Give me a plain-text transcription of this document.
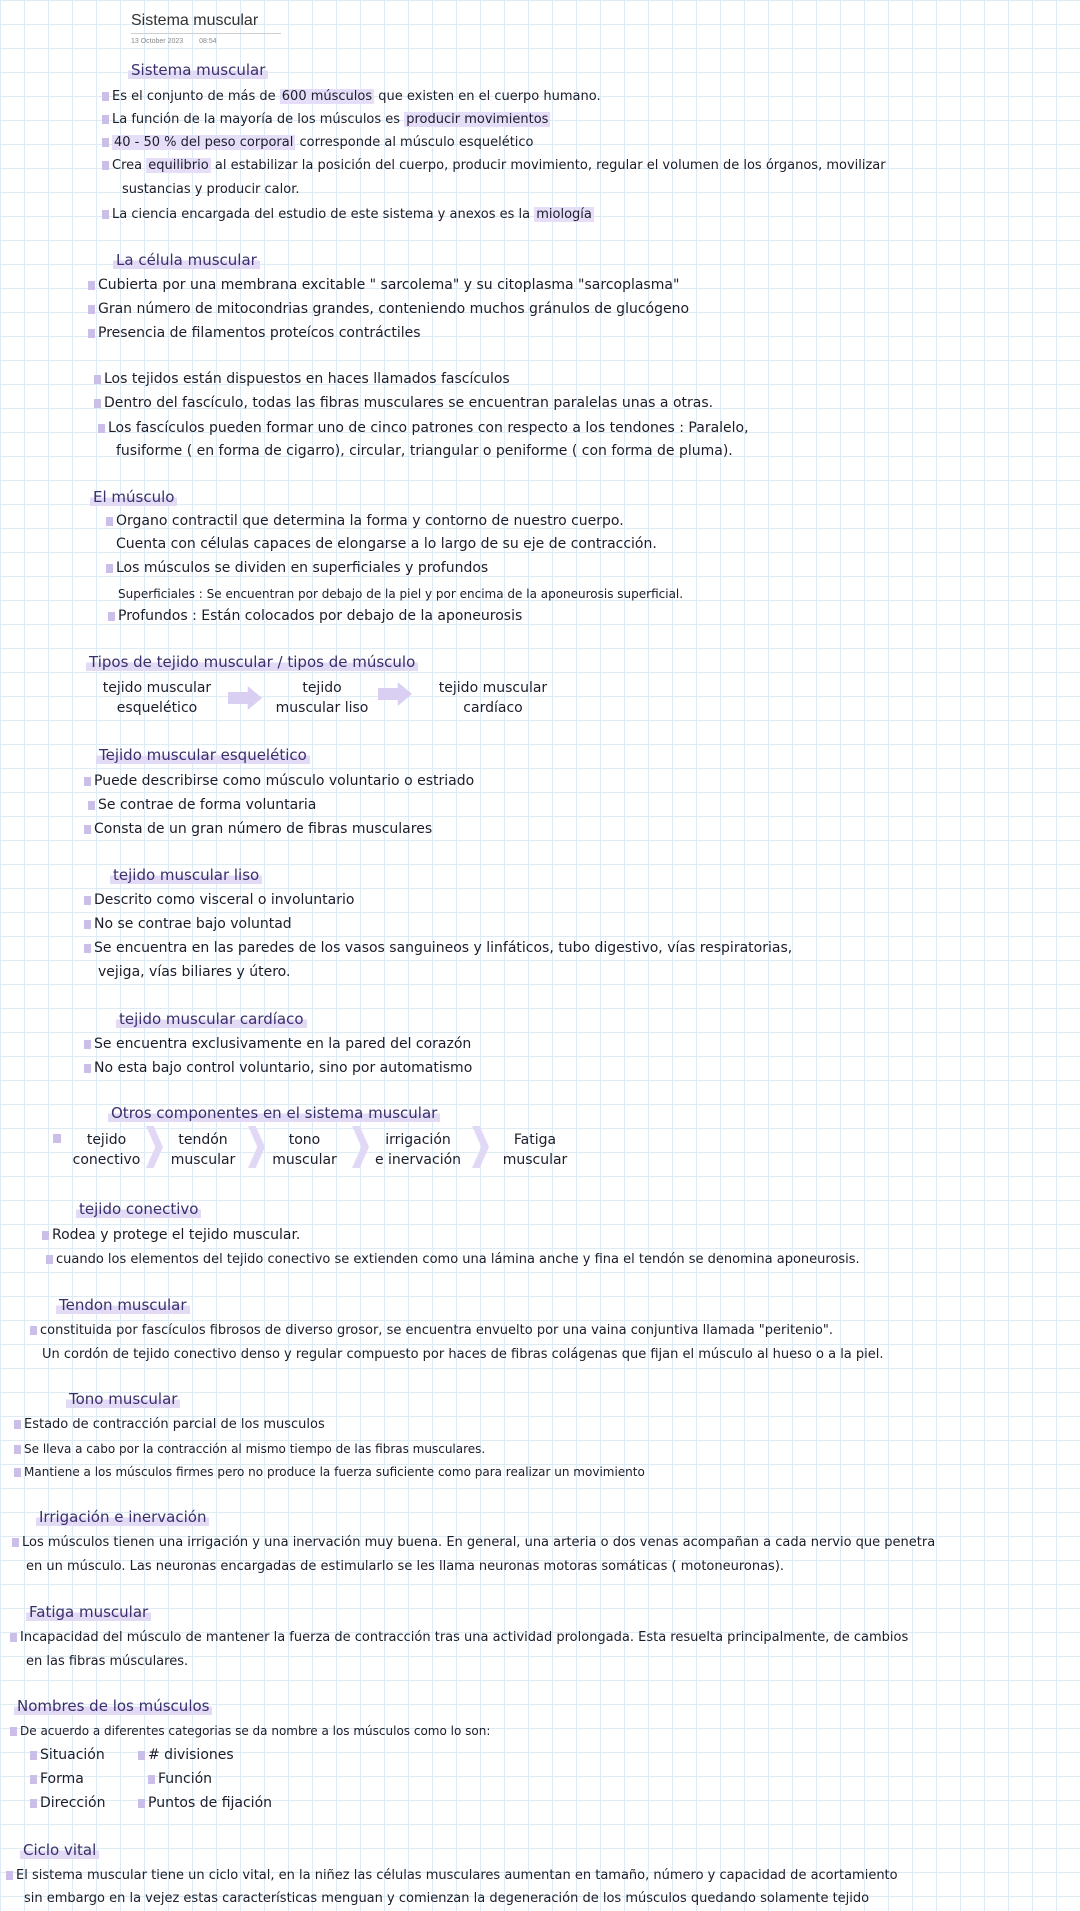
Sistema muscular
13 October 2023 08:54
Sistema muscular
Es el conjunto de más de 600 músculos que existen en el cuerpo humano.
La función de la mayoría de los músculos es producir movimientos
40 - 50 % del peso corporal corresponde al músculo esquelético
Crea equilibrio al estabilizar la posición del cuerpo, producir movimiento, regular el volumen de los órganos, movilizar
sustancias y producir calor.
La ciencia encargada del estudio de este sistema y anexos es la miología
La célula muscular
Cubierta por una membrana excitable " sarcolema" y su citoplasma "sarcoplasma"
Gran número de mitocondrias grandes, conteniendo muchos gránulos de glucógeno
Presencia de filamentos proteícos contráctiles
Los tejidos están dispuestos en haces llamados fascículos
Dentro del fascículo, todas las fibras musculares se encuentran paralelas unas a otras.
Los fascículos pueden formar uno de cinco patrones con respecto a los tendones : Paralelo,
fusiforme ( en forma de cigarro), circular, triangular o peniforme ( con forma de pluma).
El músculo
Organo contractil que determina la forma y contorno de nuestro cuerpo.
Cuenta con células capaces de elongarse a lo largo de su eje de contracción.
Los músculos se dividen en superficiales y profundos
Superficiales : Se encuentran por debajo de la piel y por encima de la aponeurosis superficial.
Profundos : Están colocados por debajo de la aponeurosis
Tipos de tejido muscular / tipos de músculo
tejido muscular
esquelético
tejido
muscular liso
tejido muscular
cardíaco
Tejido muscular esquelético
Puede describirse como músculo voluntario o estriado
Se contrae de forma voluntaria
Consta de un gran número de fibras musculares
tejido muscular liso
Descrito como visceral o involuntario
No se contrae bajo voluntad
Se encuentra en las paredes de los vasos sanguineos y linfáticos, tubo digestivo, vías respiratorias,
vejiga, vías biliares y útero.
tejido muscular cardíaco
Se encuentra exclusivamente en la pared del corazón
No esta bajo control voluntario, sino por automatismo
Otros componentes en el sistema muscular
tejido
conectivo
tendón
muscular
tono
muscular
irrigación
e inervación
Fatiga
muscular
tejido conectivo
Rodea y protege el tejido muscular.
cuando los elementos del tejido conectivo se extienden como una lámina anche y fina el tendón se denomina aponeurosis.
Tendon muscular
constituida por fascículos fibrosos de diverso grosor, se encuentra envuelto por una vaina conjuntiva llamada "peritenio".
Un cordón de tejido conectivo denso y regular compuesto por haces de fibras colágenas que fijan el músculo al hueso o a la piel.
Tono muscular
Estado de contracción parcial de los musculos
Se lleva a cabo por la contracción al mismo tiempo de las fibras musculares.
Mantiene a los músculos firmes pero no produce la fuerza suficiente como para realizar un movimiento
Irrigación e inervación
Los músculos tienen una irrigación y una inervación muy buena. En general, una arteria o dos venas acompañan a cada nervio que penetra
en un músculo. Las neuronas encargadas de estimularlo se les llama neuronas motoras somáticas ( motoneuronas).
Fatiga muscular
Incapacidad del músculo de mantener la fuerza de contracción tras una actividad prolongada. Esta resuelta principalmente, de cambios
en las fibras músculares.
Nombres de los músculos
De acuerdo a diferentes categorias se da nombre a los músculos como lo son:
Situación
Forma
Dirección
# divisiones
Función
Puntos de fijación
Ciclo vital
El sistema muscular tiene un ciclo vital, en la niñez las células musculares aumentan en tamaño, número y capacidad de acortamiento
sin embargo en la vejez estas características menguan y comienzan la degeneración de los músculos quedando solamente tejido
